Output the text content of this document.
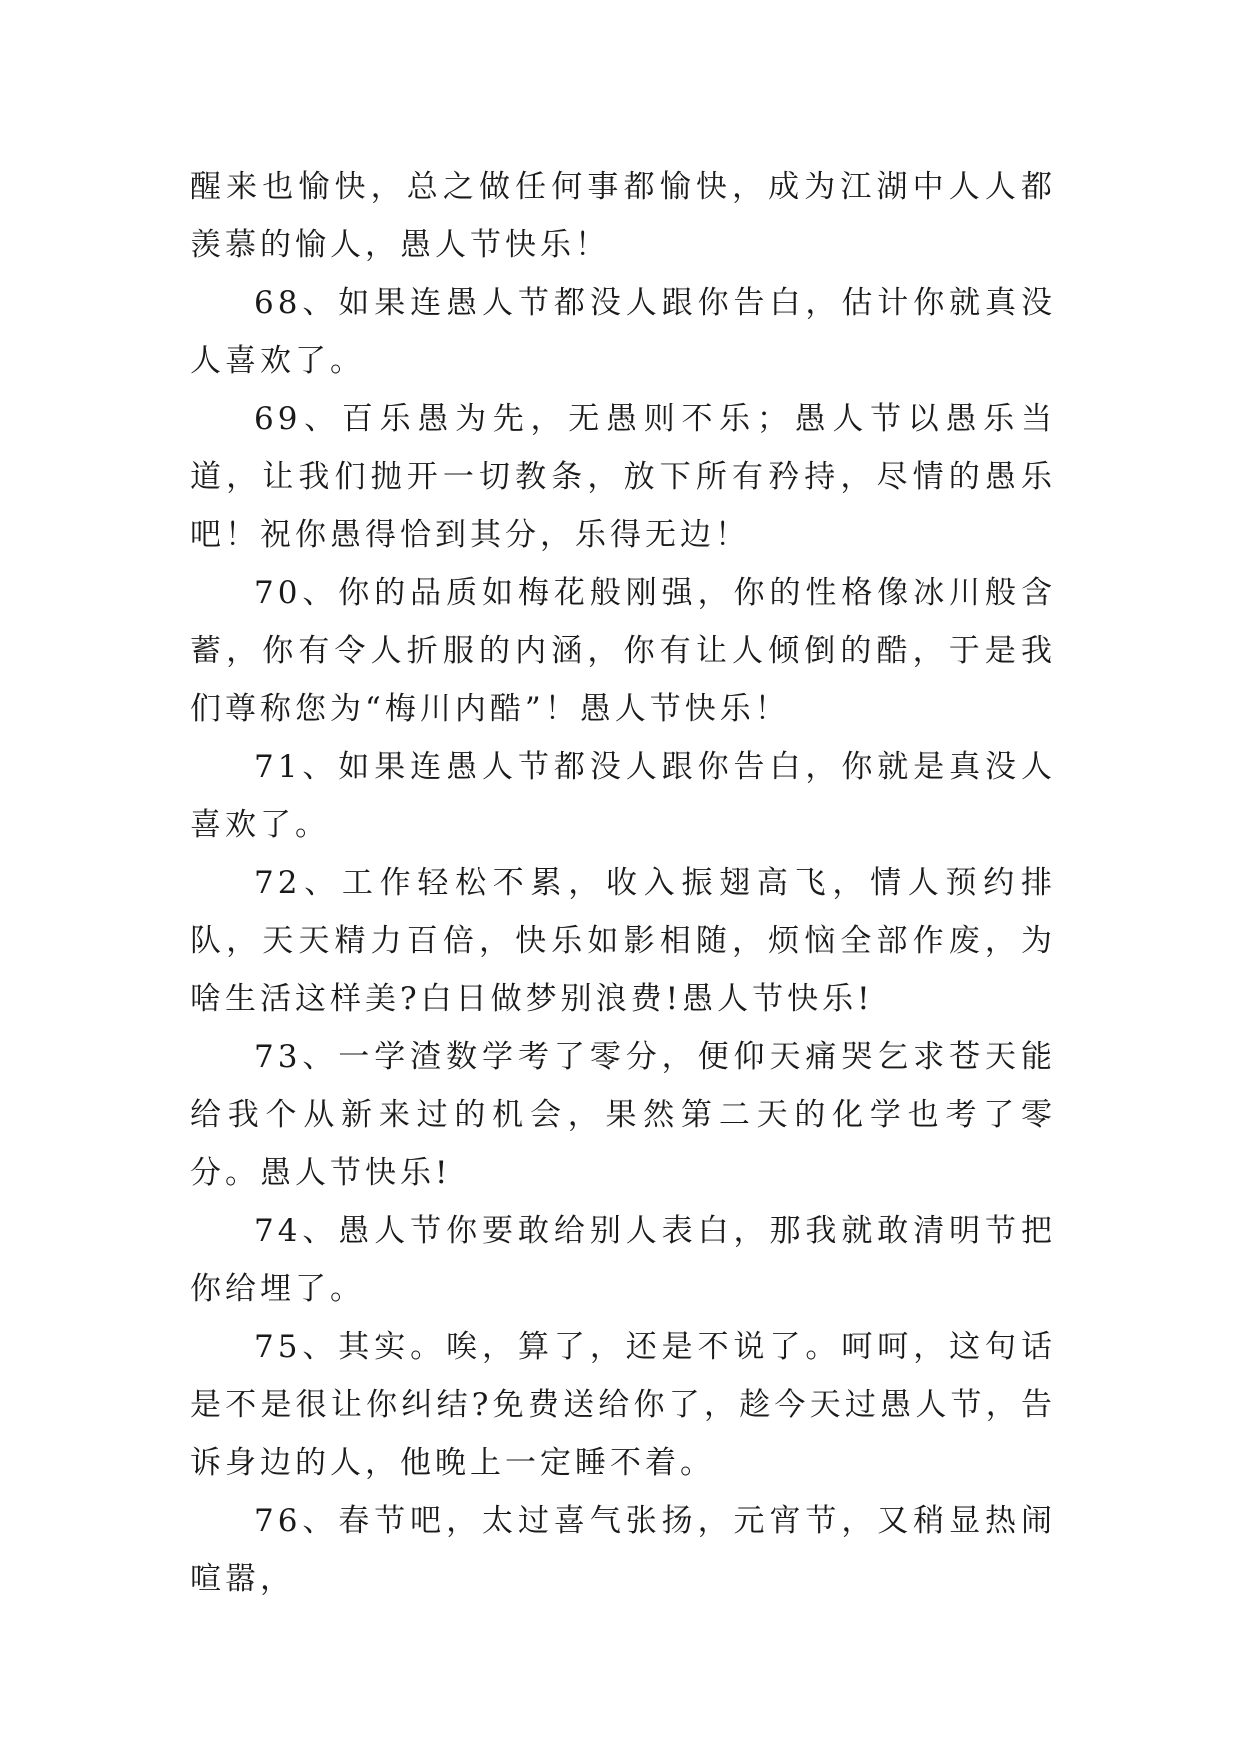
醒来也愉快，总之做任何事都愉快，成为江湖中人人都羡慕的愉人，愚人节快乐！

68、如果连愚人节都没人跟你告白，估计你就真没人喜欢了。

69、百乐愚为先，无愚则不乐；愚人节以愚乐当道，让我们抛开一切教条，放下所有矜持，尽情的愚乐吧！祝你愚得恰到其分，乐得无边！

70、你的品质如梅花般刚强，你的性格像冰川般含蓄，你有令人折服的内涵，你有让人倾倒的酷，于是我们尊称您为“梅川内酷”！愚人节快乐！

71、如果连愚人节都没人跟你告白，你就是真没人喜欢了。

72、工作轻松不累，收入振翅高飞，情人预约排队，天天精力百倍，快乐如影相随，烦恼全部作废，为啥生活这样美?白日做梦别浪费!愚人节快乐!

73、一学渣数学考了零分，便仰天痛哭乞求苍天能给我个从新来过的机会，果然第二天的化学也考了零分。愚人节快乐!

74、愚人节你要敢给别人表白，那我就敢清明节把你给埋了。

75、其实。唉，算了，还是不说了。呵呵，这句话是不是很让你纠结?免费送给你了，趁今天过愚人节，告诉身边的人，他晚上一定睡不着。

76、春节吧，太过喜气张扬，元宵节，又稍显热闹喧嚣，
